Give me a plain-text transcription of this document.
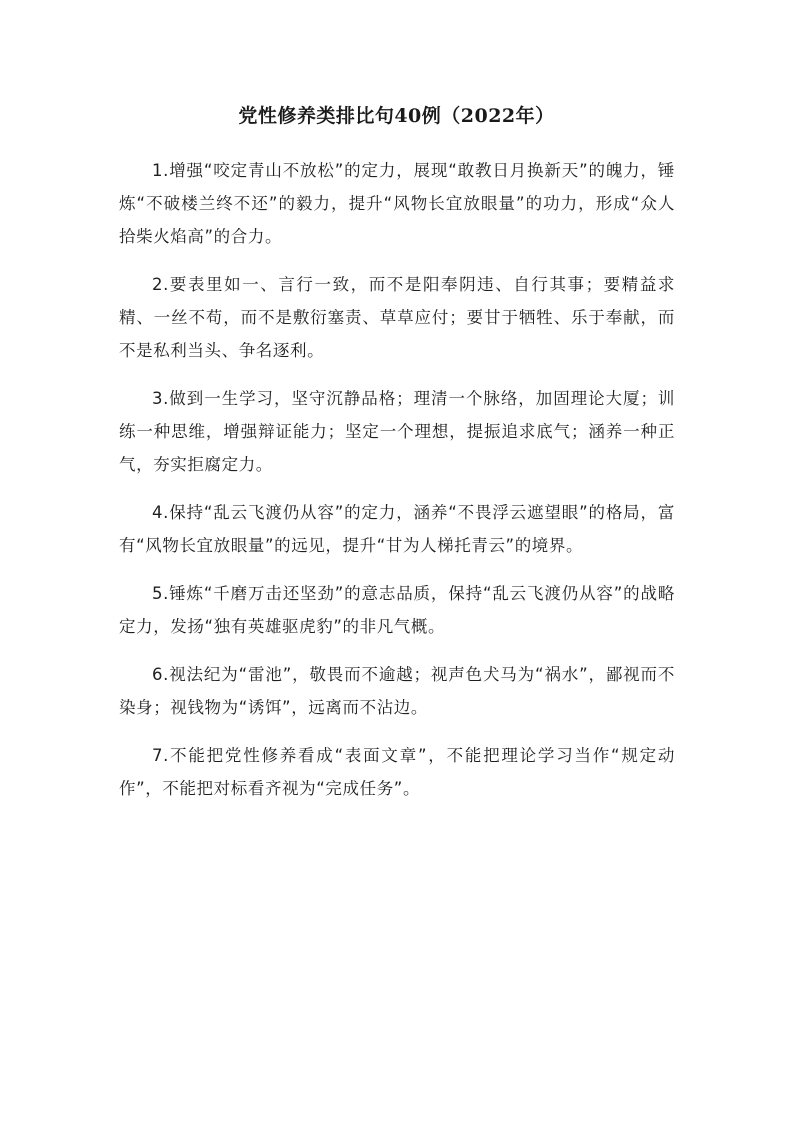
党性修养类排比句40例（2022年）

1.增强“咬定青山不放松”的定力，展现“敢教日月换新天”的魄力，锤炼“不破楼兰终不还”的毅力，提升“风物长宜放眼量”的功力，形成“众人拾柴火焰高”的合力。

2.要表里如一、言行一致，而不是阳奉阴违、自行其事；要精益求精、一丝不苟，而不是敷衍塞责、草草应付；要甘于牺牲、乐于奉献，而不是私利当头、争名逐利。

3.做到一生学习，坚守沉静品格；理清一个脉络，加固理论大厦；训练一种思维，增强辩证能力；坚定一个理想，提振追求底气；涵养一种正气，夯实拒腐定力。

4.保持“乱云飞渡仍从容”的定力，涵养“不畏浮云遮望眼”的格局，富有“风物长宜放眼量”的远见，提升“甘为人梯托青云”的境界。

5.锤炼“千磨万击还坚劲”的意志品质，保持“乱云飞渡仍从容”的战略定力，发扬“独有英雄驱虎豹”的非凡气概。

6.视法纪为“雷池”，敬畏而不逾越；视声色犬马为“祸水”，鄙视而不染身；视钱物为“诱饵”，远离而不沾边。

7.不能把党性修养看成“表面文章”，不能把理论学习当作“规定动作”，不能把对标看齐视为“完成任务”。
